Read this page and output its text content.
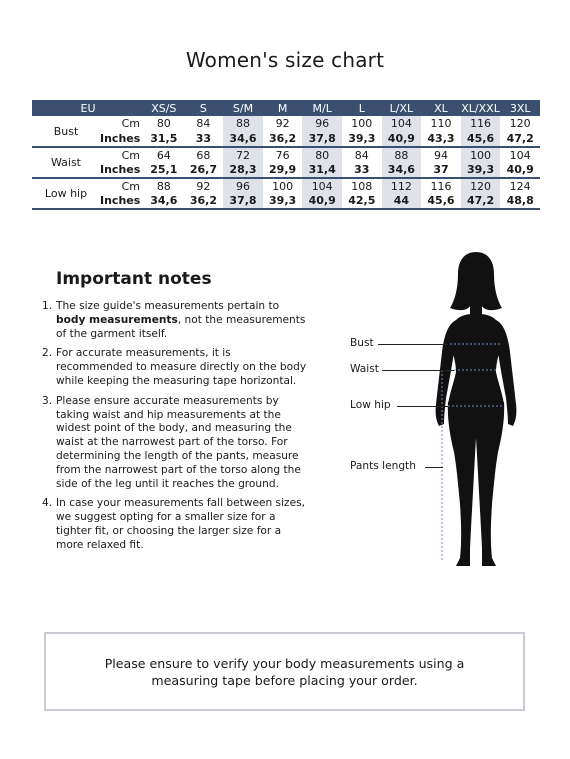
Women's size chart
EU		XS/S	S	S/M	M	M/L	L	L/XL	XL	XL/XXL	3XL
Bust	Cm	80	84	88	92	96	100	104	110	116	120
	Inches	31,5	33	34,6	36,2	37,8	39,3	40,9	43,3	45,6	47,2
Waist	Cm	64	68	72	76	80	84	88	94	100	104
	Inches	25,1	26,7	28,3	29,9	31,4	33	34,6	37	39,3	40,9
Low hip	Cm	88	92	96	100	104	108	112	116	120	124
	Inches	34,6	36,2	37,8	39,3	40,9	42,5	44	45,6	47,2	48,8
Important notes
1. The size guide's measurements pertain to body measurements, not the measurements of the garment itself.
2. For accurate measurements, it is recommended to measure directly on the body while keeping the measuring tape horizontal.
3. Please ensure accurate measurements by taking waist and hip measurements at the widest point of the body, and measuring the waist at the narrowest part of the torso. For determining the length of the pants, measure from the narrowest part of the torso along the side of the leg until it reaches the ground.
4. In case your measurements fall between sizes, we suggest opting for a smaller size for a tighter fit, or choosing the larger size for a more relaxed fit.
Bust
Waist
Low hip
Pants length
Please ensure to verify your body measurements using a measuring tape before placing your order.
